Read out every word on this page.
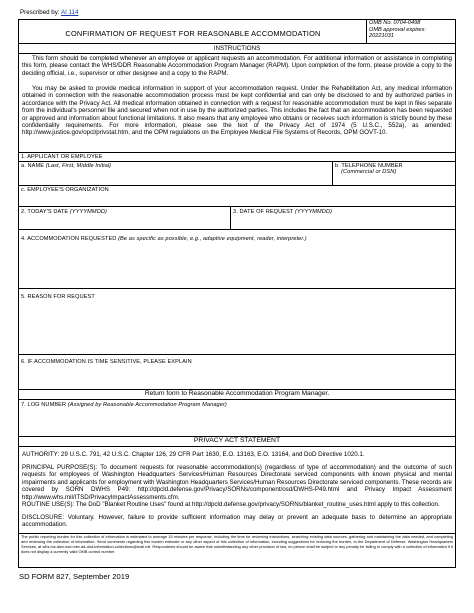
Prescribed by: AI 114
CONFIRMATION OF REQUEST FOR REASONABLE ACCOMMODATION
OMB No. 0704-0498
OMB approval expires:
20221031
INSTRUCTIONS
This form should be completed whenever an employee or applicant requests an accommodation. For additional information or assistance in completing this form, please contact the WHS/DDR Reasonable Accommodation Program Manager (RAPM). Upon completion of the form, please provide a copy to the deciding official, i.e., supervisor or other designee and a copy to the RAPM.
You may be asked to provide medical information in support of your accommodation request. Under the Rehabilitation Act, any medical information obtained in connection with the reasonable accommodation process must be kept confidential and can only be disclosed to and by authorized parties in accordance with the Privacy Act. All medical information obtained in connection with a request for reasonable accommodation must be kept in files separate from the individual's personnel file and secured when not in use by the authorized parties. This includes the fact that an accommodation has been requested or approved and information about functional limitations. It also means that any employee who obtains or receives such information is strictly bound by these confidentiality requirements. For more information, please see the text of the Privacy Act of 1974 (5 U.S.C., 552a), as amended: http://www.justice.gov/opcl/privstat.htm, and the OPM regulations on the Employee Medical File Systems of Records, OPM GOVT-10.
1. APPLICANT OR EMPLOYEE
a. NAME (Last, First, Middle Initial)	b. TELEPHONE NUMBER
(Commercial or DSN)
c. EMPLOYEE'S ORGANIZATION
2. TODAY'S DATE (YYYYMMDD)	3. DATE OF REQUEST (YYYYMMDD)
4. ACCOMMODATION REQUESTED (Be as specific as possible, e.g., adaptive equipment, reader, interpreter.)
5. REASON FOR REQUEST
6. IF ACCOMMODATION IS TIME SENSITIVE, PLEASE EXPLAIN
Return form to Reasonable Accommodation Program Manager.
7. LOG NUMBER (Assigned by Reasonable Accommodation Program Manager)
PRIVACY ACT STATEMENT
AUTHORITY: 29 U.S.C. 791, 42 U.S.C. Chapter 126, 29 CFR Part 1630, E.O. 13163, E.O. 13164, and DoD Directive 1020.1.
PRINCIPAL PURPOSE(S): To document requests for reasonable accommodation(s) (regardless of type of accommodation) and the outcome of such requests for employees of Washington Headquarters Services/Human Resources Directorate serviced components with known physical and mental impairments and applicants for employment with Washington Headquarters Services/Human Resources Directorate serviced components. These records are covered by SORN DWHS P49: http://dpcld.defense.gov/Privacy/SORNs/component/osd/DWHS-P49.html and Privacy Impact Assessment http://www.whs.mil/ITSD/PrivacyImpactAssessments.cfm.
ROUTINE USE(S): The DoD "Blanket Routine Uses" found at http://dpcld.defense.gov/privacy/SORNs/blanket_routine_uses.html apply to this collection.
DISCLOSURE: Voluntary. However, failure to provide sufficient information may delay or prevent an adequate basis to determine an appropriate accommodation.
The public reporting burden for this collection of information is estimated to average 15 minutes per response, including the time for reviewing instructions, searching existing data sources, gathering and maintaining the data needed, and completing and reviewing the collection of information. Send comments regarding this burden estimate or any other aspect of this collection of information, including suggestions for reducing the burden, to the Department of Defense, Washington Headquarters Services, at whs.mc-alex.esd.mbx.dd-dod-information-collections@mail.mil. Respondents should be aware that notwithstanding any other provision of law, no person shall be subject to any penalty for failing to comply with a collection of information if it does not display a currently valid OMB control number.
SD FORM 827, September 2019
